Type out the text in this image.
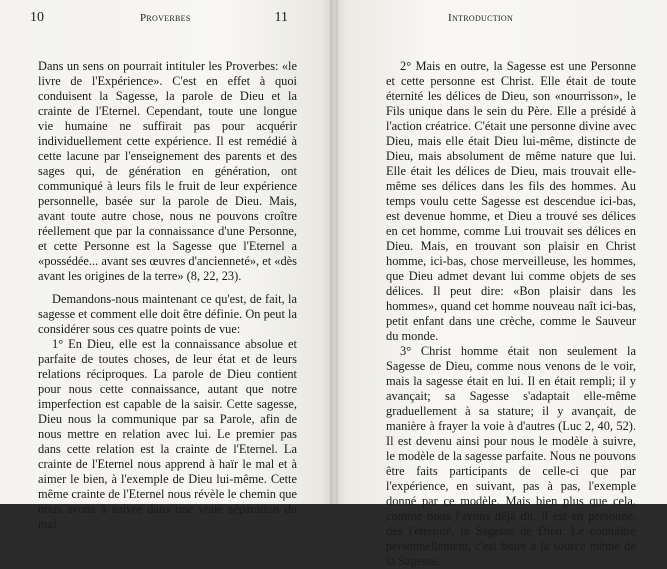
10	Proverbes

Dans un sens on pourrait intituler les Proverbes: «le livre de l'Expérience». C'est en effet à quoi conduisent la Sagesse, la parole de Dieu et la crainte de l'Eternel. Cependant, toute une longue vie humaine ne suffirait pas pour acquérir individuellement cette expérience. Il est remédié à cette lacune par l'enseignement des parents et des sages qui, de génération en génération, ont communiqué à leurs fils le fruit de leur expérience personnelle, basée sur la parole de Dieu. Mais, avant toute autre chose, nous ne pouvons croître réellement que par la connaissance d'une Personne, et cette Personne est la Sagesse que l'Eternel a «possédée... avant ses œuvres d'ancienneté», et «dès avant les origines de la terre» (8, 22, 23).

Demandons-nous maintenant ce qu'est, de fait, la sagesse et comment elle doit être définie. On peut la considérer sous ces quatre points de vue:

1° En Dieu, elle est la connaissance absolue et parfaite de toutes choses, de leur état et de leurs relations réciproques. La parole de Dieu contient pour nous cette connaissance, autant que notre imperfection est capable de la saisir. Cette sagesse, Dieu nous la communique par sa Parole, afin de nous mettre en relation avec lui. Le premier pas dans cette relation est la crainte de l'Eternel. La crainte de l'Eternel nous apprend à haïr le mal et à aimer le bien, à l'exemple de Dieu lui-même. Cette même crainte de l'Eternel nous révèle le chemin que nous avons à suivre dans une vraie séparation du mal.

Introduction
11

2° Mais en outre, la Sagesse est une Personne et cette personne est Christ. Elle était de toute éternité les délices de Dieu, son «nourrisson», le Fils unique dans le sein du Père. Elle a présidé à l'action créatrice. C'était une personne divine avec Dieu, mais elle était Dieu lui-même, distincte de Dieu, mais absolument de même nature que lui. Elle était les délices de Dieu, mais trouvait elle-même ses délices dans les fils des hommes. Au temps voulu cette Sagesse est descendue ici-bas, est devenue homme, et Dieu a trouvé ses délices en cet homme, comme Lui trouvait ses délices en Dieu. Mais, en trouvant son plaisir en Christ homme, ici-bas, chose merveilleuse, les hommes, que Dieu admet devant lui comme objets de ses délices. Il peut dire: «Bon plaisir dans les hommes», quand cet homme nouveau naît ici-bas, petit enfant dans une crèche, comme le Sauveur du monde.

3° Christ homme était non seulement la Sagesse de Dieu, comme nous venons de le voir, mais la sagesse était en lui. Il en était rempli; il y avançait; sa Sagesse s'adaptait elle-même graduellement à sa stature; il y avançait, de manière à frayer la voie à d'autres (Luc 2, 40, 52). Il est devenu ainsi pour nous le modèle à suivre, le modèle de la sagesse parfaite. Nous ne pouvons être faits participants de celle-ci que par l'expérience, en suivant, pas à pas, l'exemple donné par ce modèle. Mais bien plus que cela, comme nous l'avons déjà dit, il est en personne, dès l'éternité, la Sagesse de Dieu. Le connaître personnellement, c'est boire à la source même de la Sagesse.
